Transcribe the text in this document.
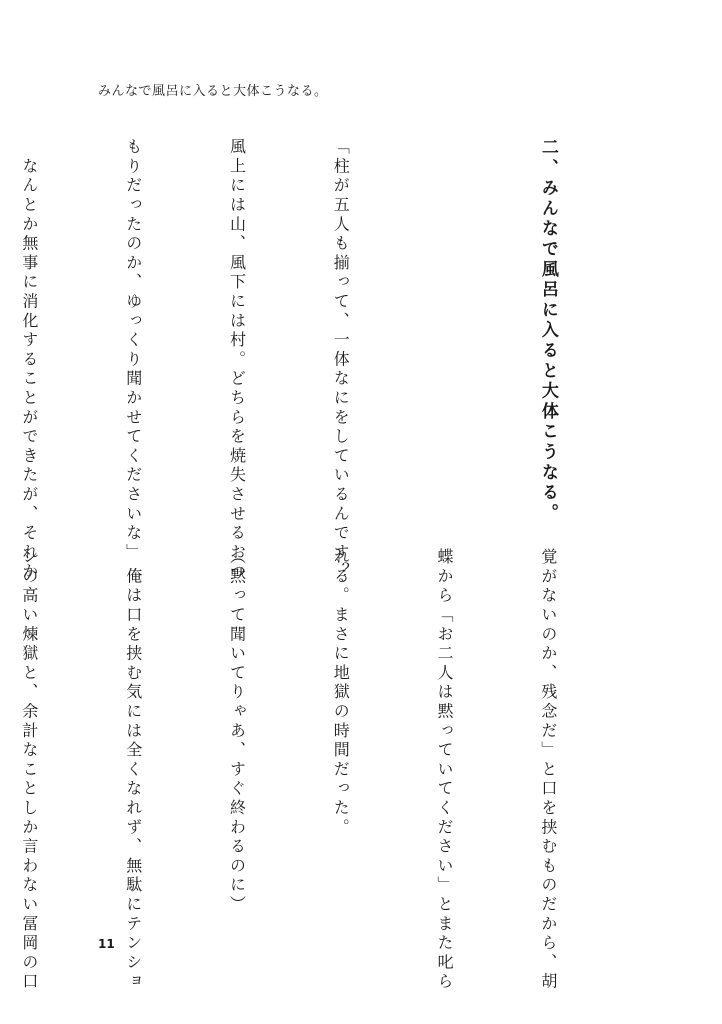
みんなで風呂に入ると大体こうなる。

二、みんなで風呂に入ると大体こうなる。

「柱が五人も揃って、一体なにをしているんです？

風上には山、風下には村。どちらを焼失させるおつ

もりだったのか、ゆっくり聞かせてくださいな」

　なんとか無事に消化することができたが、それか

覚がないのか、残念だ」と口を挟むものだから、胡

蝶から「お二人は黙っていてください」とまた叱ら

れる。まさに地獄の時間だった。

（黙って聞いてりゃあ、すぐ終わるのに）

　俺は口を挟む気には全くなれず、無駄にテンショ

ンの高い煉獄と、余計なことしか言わない冨岡の口

	11
